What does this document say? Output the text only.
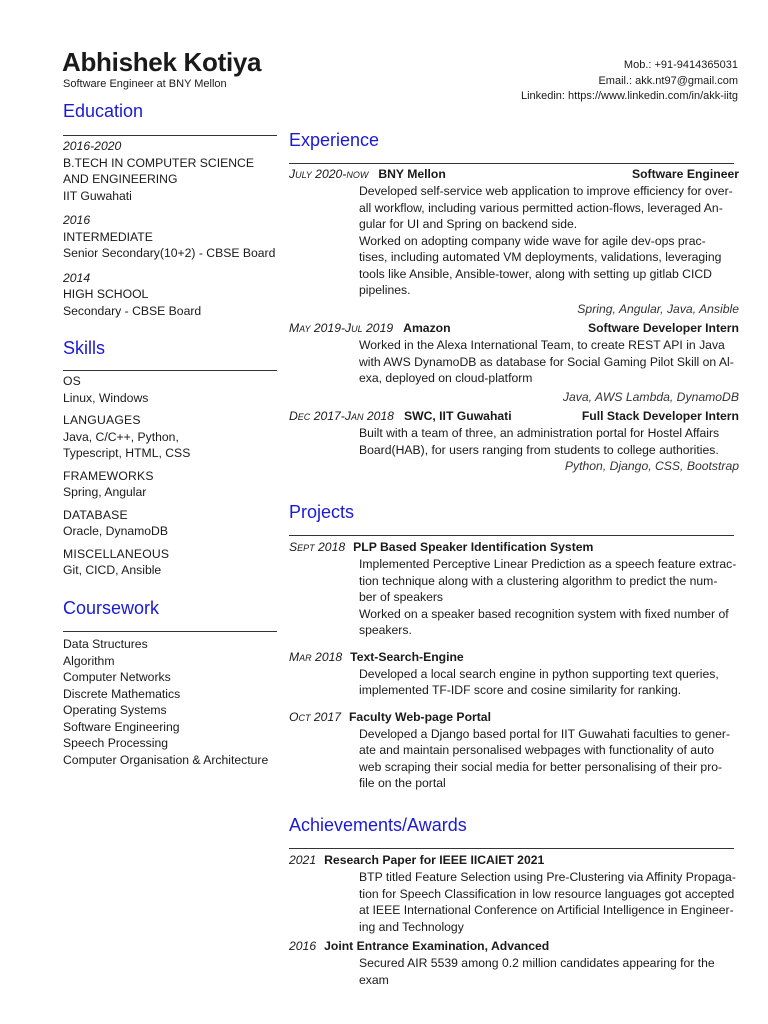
Abhishek Kotiya
Software Engineer at BNY Mellon
Mob.: +91-9414365031
Email.: akk.nt97@gmail.com
Linkedin: https://www.linkedin.com/in/akk-iitg
Education
2016-2020
B.TECH IN COMPUTER SCIENCE
AND ENGINEERING
IIT Guwahati
2016
INTERMEDIATE
Senior Secondary(10+2) - CBSE Board
2014
HIGH SCHOOL
Secondary - CBSE Board
Skills
OS
Linux, Windows
LANGUAGES
Java, C/C++, Python,
Typescript, HTML, CSS
FRAMEWORKS
Spring, Angular
DATABASE
Oracle, DynamoDB
MISCELLANEOUS
Git, CICD, Ansible
Coursework
Data Structures
Algorithm
Computer Networks
Discrete Mathematics
Operating Systems
Software Engineering
Speech Processing
Computer Organisation & Architecture
Experience
July 2020-now BNY Mellon	Software Engineer
Developed self-service web application to improve efficiency for over-
all workflow, including various permitted action-flows, leveraged An-
gular for UI and Spring on backend side.
Worked on adopting company wide wave for agile dev-ops prac-
tises, including automated VM deployments, validations, leveraging
tools like Ansible, Ansible-tower, along with setting up gitlab CICD
pipelines.
Spring, Angular, Java, Ansible
May 2019-Jul 2019 Amazon	Software Developer Intern
Worked in the Alexa International Team, to create REST API in Java
with AWS DynamoDB as database for Social Gaming Pilot Skill on Al-
exa, deployed on cloud-platform
Java, AWS Lambda, DynamoDB
Dec 2017-Jan 2018 SWC, IIT Guwahati	Full Stack Developer Intern
Built with a team of three, an administration portal for Hostel Affairs
Board(HAB), for users ranging from students to college authorities.
Python, Django, CSS, Bootstrap
Projects
Sept 2018 PLP Based Speaker Identification System
Implemented Perceptive Linear Prediction as a speech feature extrac-
tion technique along with a clustering algorithm to predict the num-
ber of speakers
Worked on a speaker based recognition system with fixed number of
speakers.
Mar 2018 Text-Search-Engine
Developed a local search engine in python supporting text queries,
implemented TF-IDF score and cosine similarity for ranking.
Oct 2017 Faculty Web-page Portal
Developed a Django based portal for IIT Guwahati faculties to gener-
ate and maintain personalised webpages with functionality of auto
web scraping their social media for better personalising of their pro-
file on the portal
Achievements/Awards
2021 Research Paper for IEEE IICAIET 2021
BTP titled Feature Selection using Pre-Clustering via Affinity Propaga-
tion for Speech Classification in low resource languages got accepted
at IEEE International Conference on Artificial Intelligence in Engineer-
ing and Technology
2016 Joint Entrance Examination, Advanced
Secured AIR 5539 among 0.2 million candidates appearing for the
exam
